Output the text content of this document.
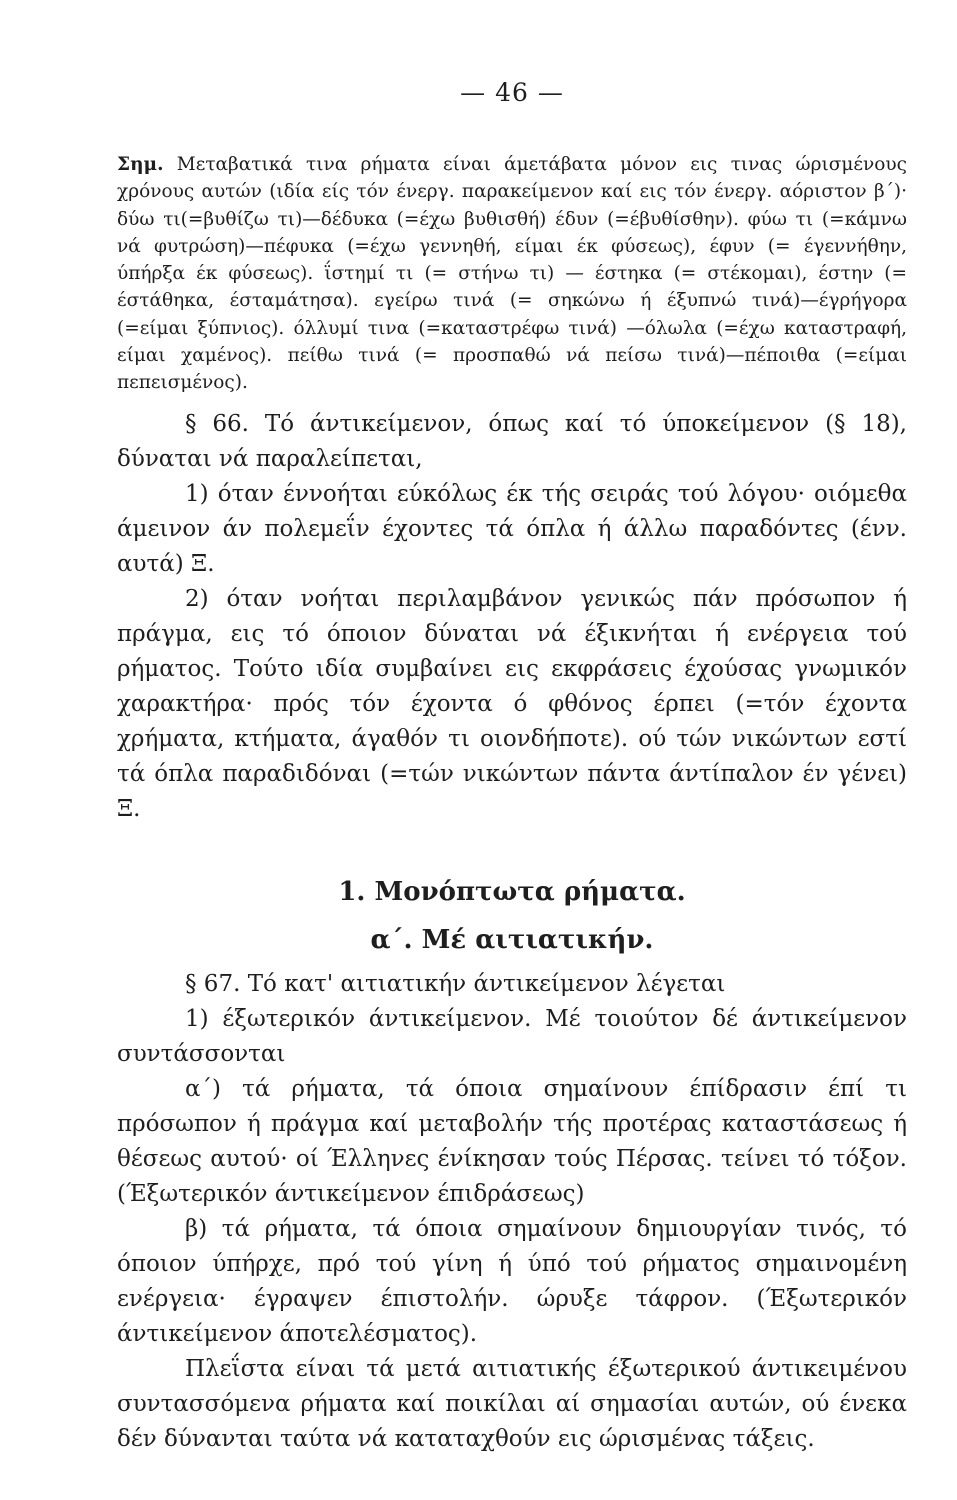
— 46 —

Σημ. Μεταβατικά τινα ρήματα είναι άμετάβατα μόνον εις τινας ώρισμένους χρόνους αυτών (ιδία είς τόν ένεργ. παρακείμενον καί εις τόν ένεργ. αόριστον β΄)· δύω τι(=βυθίζω τι)—δέδυκα (=έχω βυθισθή) έδυν (=έβυθίσθην). φύω τι (=κάμνω νά φυτρώση)—πέφυκα (=έχω γεννηθή, είμαι έκ φύσεως), έφυν (= έγεννήθην, ύπήρξα έκ φύσεως). ΐστημί τι (= στήνω τι) — έστηκα (= στέκομαι), έστην (= έστάθηκα, έσταμάτησα). εγείρω τινά (= σηκώνω ή έξυπνώ τινά)—έγρήγορα (=είμαι ξύπνιος). όλλυμί τινα (=καταστρέφω τινά) —όλωλα (=έχω καταστραφή, είμαι χαμένος). πείθω τινά (= προσπαθώ νά πείσω τινά)—πέποιθα (=είμαι πεπεισμένος).

§ 66. Τό άντικείμενον, όπως καί τό ύποκείμενον (§ 18), δύναται νά παραλείπεται,

1) όταν έννοήται εύκόλως έκ τής σειράς τού λόγου· οιόμεθα άμεινον άν πολεμεΐν έχοντες τά όπλα ή άλλω παραδόντες (ένν. αυτά) Ξ.

2) όταν νοήται περιλαμβάνον γενικώς πάν πρόσωπον ή πράγμα, εις τό όποιον δύναται νά έξικνήται ή ενέργεια τού ρήματος. Τούτο ιδία συμβαίνει εις εκφράσεις έχούσας γνωμικόν χαρακτήρα· πρός τόν έχοντα ό φθόνος έρπει (=τόν έχοντα χρήματα, κτήματα, άγαθόν τι οιονδήποτε). ού τών νικώντων εστί τά όπλα παραδιδόναι (=τών νικώντων πάντα άντίπαλον έν γένει) Ξ.

1. Μονόπτωτα ρήματα.
α΄. Μέ αιτιατικήν.

§ 67. Τό κατ' αιτιατικήν άντικείμενον λέγεται

1) έξωτερικόν άντικείμενον. Μέ τοιούτον δέ άντικείμενον συντάσσονται

α΄) τά ρήματα, τά όποια σημαίνουν έπίδρασιν έπί τι πρόσωπον ή πράγμα καί μεταβολήν τής προτέρας καταστάσεως ή θέσεως αυτού· οί Έλληνες ένίκησαν τούς Πέρσας. τείνει τό τόξον. (Έξωτερικόν άντικείμενον έπιδράσεως)

β) τά ρήματα, τά όποια σημαίνουν δημιουργίαν τινός, τό όποιον ύπήρχε, πρό τού γίνη ή ύπό τού ρήματος σημαινομένη ενέργεια· έγραψεν έπιστολήν. ώρυξε τάφρον. (Έξωτερικόν άντικείμενον άποτελέσματος).

Πλεΐστα είναι τά μετά αιτιατικής έξωτερικού άντικειμένου συντασσόμενα ρήματα καί ποικίλαι αί σημασίαι αυτών, ού ένεκα δέν δύνανται ταύτα νά καταταχθούν εις ώρισμένας τάξεις.
